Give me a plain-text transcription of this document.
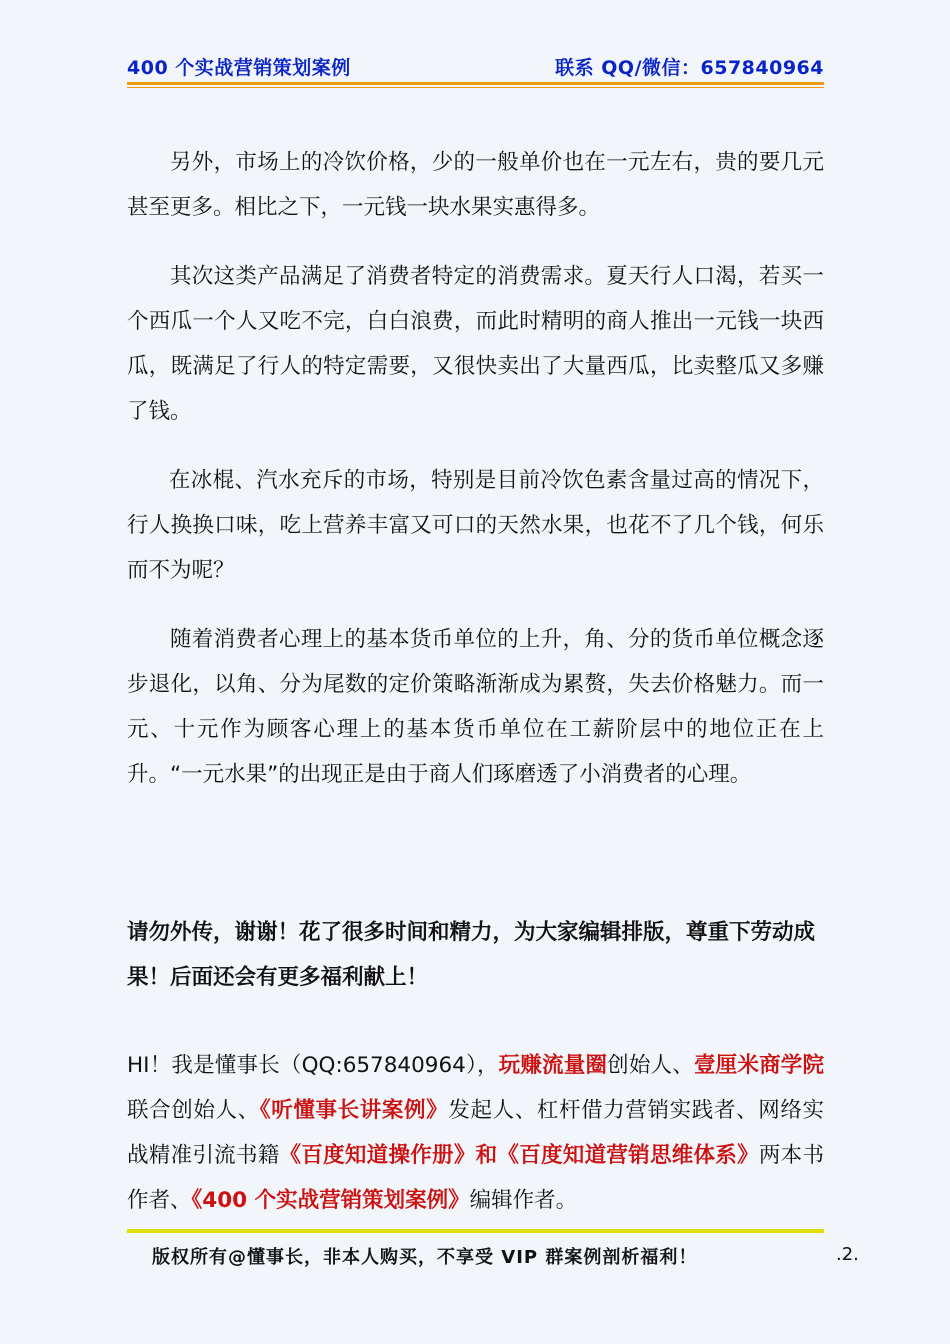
400 个实战营销策划案例	联系 QQ/微信：657840964

另外，市场上的冷饮价格，少的一般单价也在一元左右，贵的要几元甚至更多。相比之下，一元钱一块水果实惠得多。

其次这类产品满足了消费者特定的消费需求。夏天行人口渴，若买一个西瓜一个人又吃不完，白白浪费，而此时精明的商人推出一元钱一块西瓜，既满足了行人的特定需要，又很快卖出了大量西瓜，比卖整瓜又多赚了钱。

在冰棍、汽水充斥的市场，特别是目前冷饮色素含量过高的情况下，行人换换口味，吃上营养丰富又可口的天然水果，也花不了几个钱，何乐而不为呢？

随着消费者心理上的基本货币单位的上升，角、分的货币单位概念逐步退化，以角、分为尾数的定价策略渐渐成为累赘，失去价格魅力。而一元、十元作为顾客心理上的基本货币单位在工薪阶层中的地位正在上升。“一元水果”的出现正是由于商人们琢磨透了小消费者的心理。

请勿外传，谢谢！花了很多时间和精力，为大家编辑排版，尊重下劳动成果！后面还会有更多福利献上！

HI！我是懂事长（QQ:657840964），玩赚流量圈创始人、壹厘米商学院联合创始人、《听懂事长讲案例》发起人、杠杆借力营销实践者、网络实战精准引流书籍《百度知道操作册》和《百度知道营销思维体系》两本书作者、《400 个实战营销策划案例》编辑作者。

版权所有@懂事长，非本人购买，不享受 VIP 群案例剖析福利！	.2.
